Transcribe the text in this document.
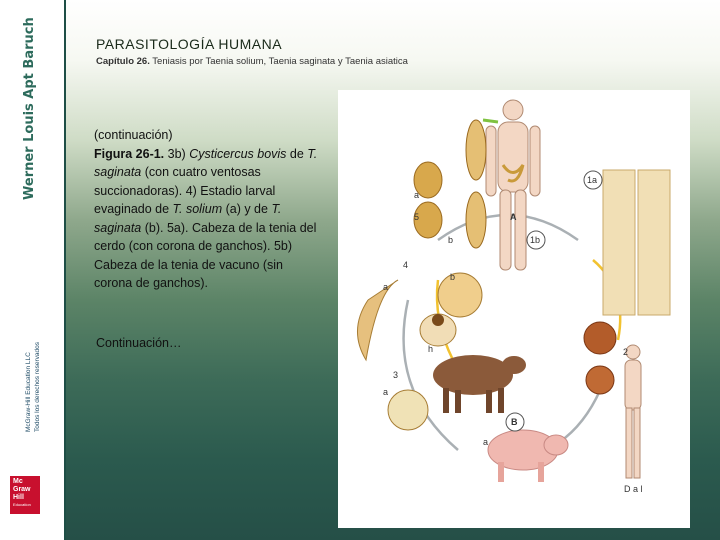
Werner Louis Apt Baruch
McGraw-Hill Education LLC Todos los derechos reservados
Mc
Graw
Hill
Education
PARASITOLOGÍA HUMANA
Capítulo 26. Teniasis por Taenia solium, Taenia saginata y Taenia asiatica
(continuación)
Figura 26-1. 3b) Cysticercus bovis de T. saginata (con cuatro ventosas succionadoras). 4) Estadio larval evaginado de T. solium (a) y de T. saginata (b). 5a). Cabeza de la tenia del cerdo (con corona de ganchos). 5b) Cabeza de la tenia de vacuno (sin corona de ganchos).
Continuación…
1a
1b
A
B
2
3
4
5
a
a
a
a
b
b
h
D a l
